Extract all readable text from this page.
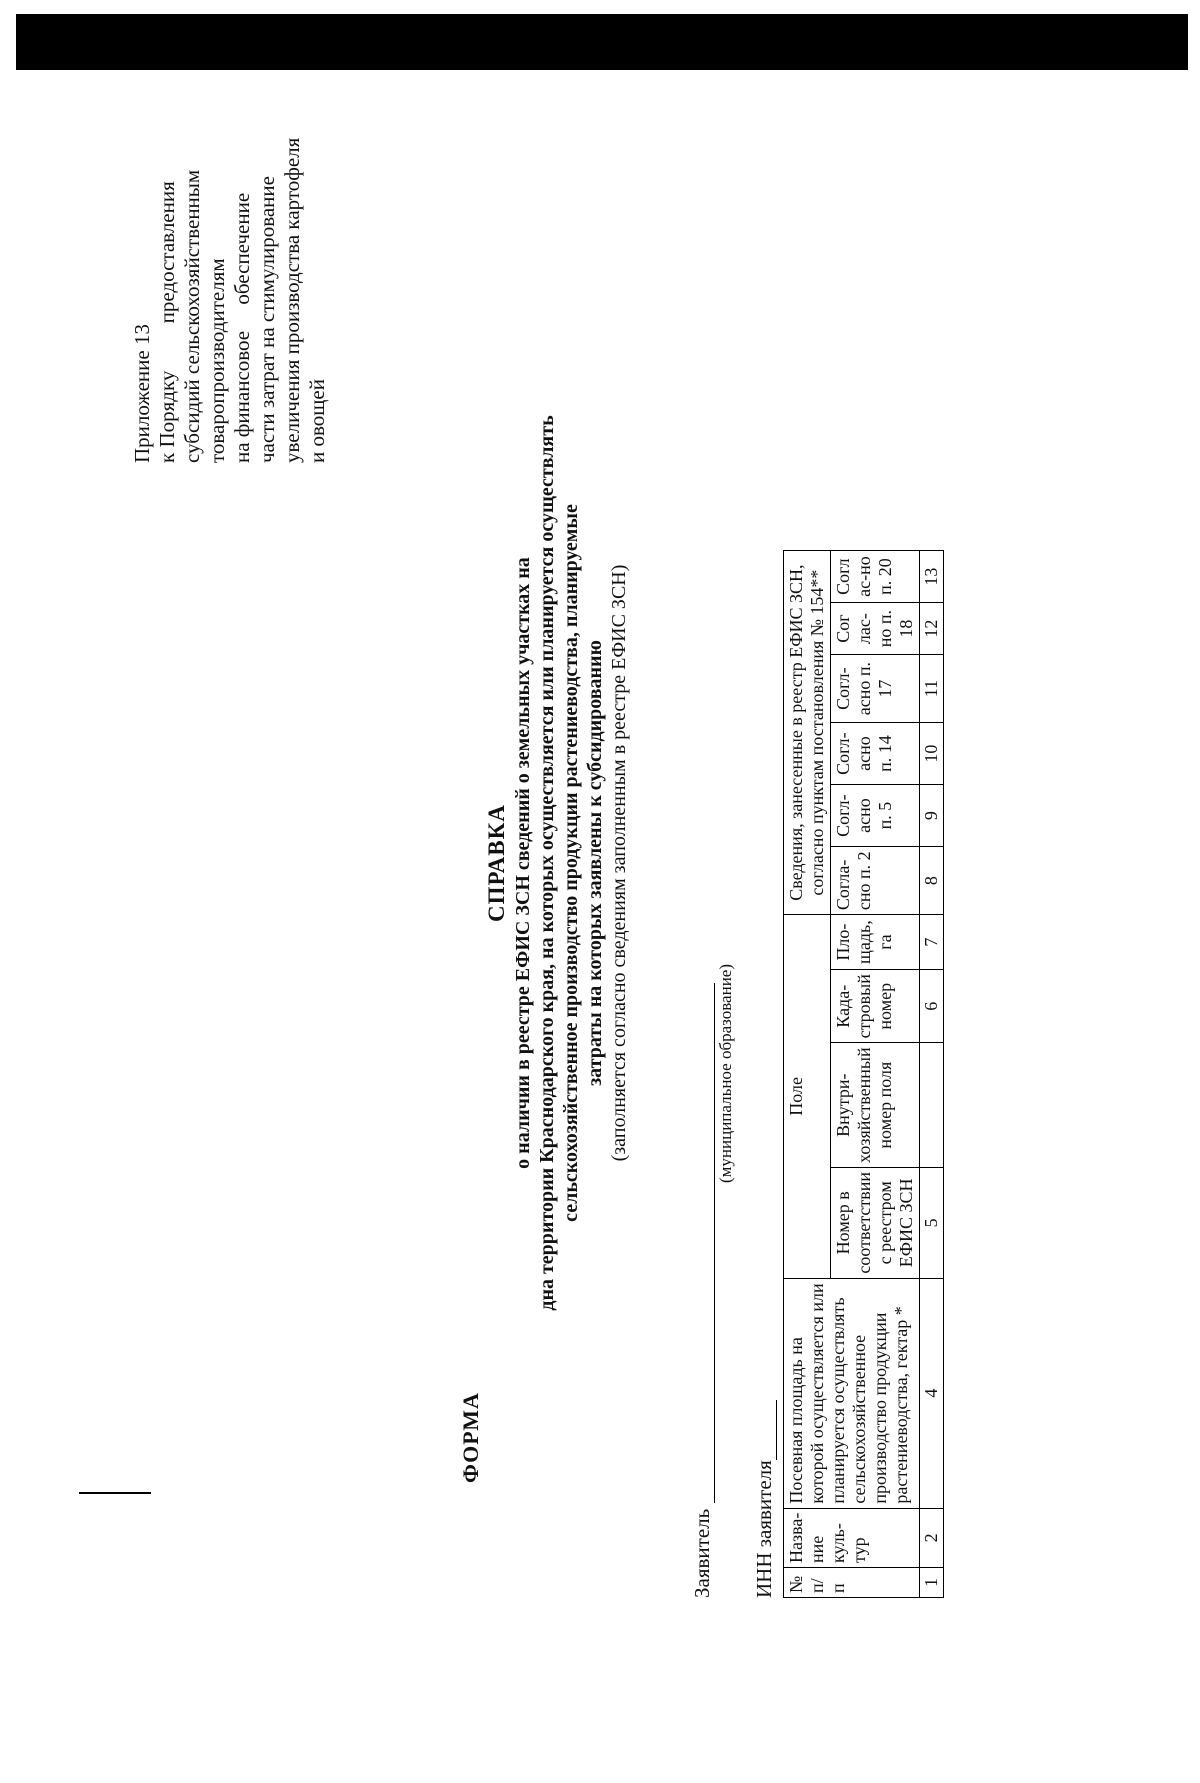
Приложение 13 к Порядку         предоставления субсидий сельскохозяйственным товаропроизводителям на финансовое     обеспечение части затрат на стимулирование увеличения производства картофеля и овощей
ФОРМА
СПРАВКА о наличии в реестре ЕФИС ЗСН сведений о земельных участках на дна территории Краснодарского края, на которых осуществляется или планируется осуществлять сельскохозяйственное производство продукции растениеводства, планируемые затраты на которых заявлены к субсидированию (заполняется согласно сведениям заполненным в реестре ЕФИС ЗСН)
Заявитель
(муниципальное образование)
ИНН заявителя № п/п	Назва-ние куль-тур	Посевная площадь на которой осуществляется или планируется осуществлять сельскохозяйственное производство продукции растениеводства, гектар *	Поле				Сведения, занесенные в реестр ЕФИС ЗСН, согласно пунктам постановления № 154**					
			Номер в соответствии с реестром ЕФИС ЗСН	Внутри-хозяйственный номер поля	Када-стровый номер	Пло-щадь, га	Согла-сно п. 2	Согл-асно п. 5	Согл-асно п. 14	Согл-асно п. 17	Сог лас-но п. 18	Согл ас-но п. 20
1	2	4	5		6	7	8	9	10	11	12	13
